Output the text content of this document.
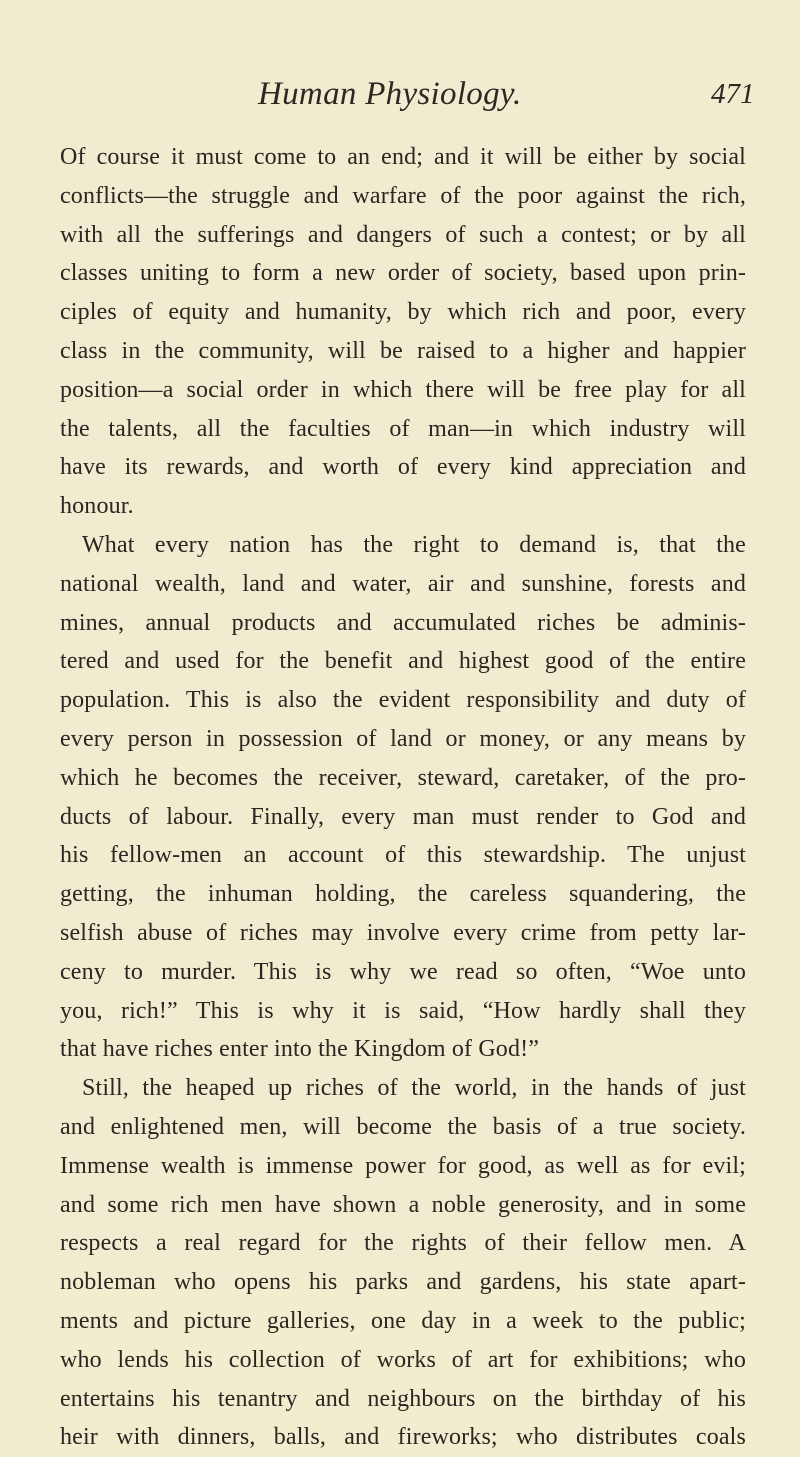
Human Physiology.	471
Of course it must come to an end; and it will be either by social
conflicts—the struggle and warfare of the poor against the rich,
with all the sufferings and dangers of such a contest; or by all
classes uniting to form a new order of society, based upon prin-
ciples of equity and humanity, by which rich and poor, every
class in the community, will be raised to a higher and happier
position—a social order in which there will be free play for all
the talents, all the faculties of man—in which industry will
have its rewards, and worth of every kind appreciation and
honour.
What every nation has the right to demand is, that the
national wealth, land and water, air and sunshine, forests and
mines, annual products and accumulated riches be adminis-
tered and used for the benefit and highest good of the entire
population. This is also the evident responsibility and duty of
every person in possession of land or money, or any means by
which he becomes the receiver, steward, caretaker, of the pro-
ducts of labour. Finally, every man must render to God and
his fellow-men an account of this stewardship. The unjust
getting, the inhuman holding, the careless squandering, the
selfish abuse of riches may involve every crime from petty lar-
ceny to murder. This is why we read so often, “Woe unto
you, rich!” This is why it is said, “How hardly shall they
that have riches enter into the Kingdom of God!”
Still, the heaped up riches of the world, in the hands of just
and enlightened men, will become the basis of a true society.
Immense wealth is immense power for good, as well as for evil;
and some rich men have shown a noble generosity, and in some
respects a real regard for the rights of their fellow men. A
nobleman who opens his parks and gardens, his state apart-
ments and picture galleries, one day in a week to the public;
who lends his collection of works of art for exhibitions; who
entertains his tenantry and neighbours on the birthday of his
heir with dinners, balls, and fireworks; who distributes coals
